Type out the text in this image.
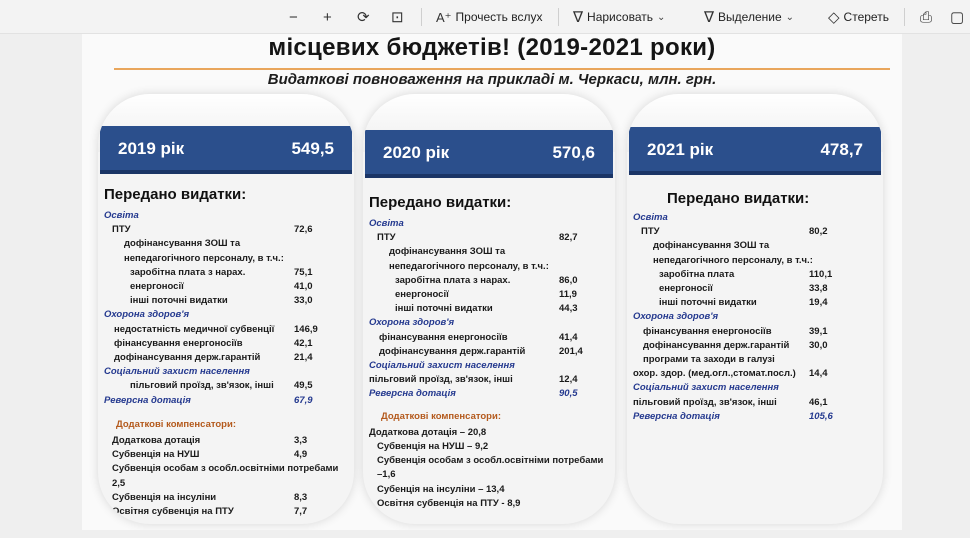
− + ⟳ ⊡ A⁺ Прочесть вслух ∇ Нарисовать ⌄	∇ Выделение ⌄ ◇ Стереть ⎙ ▢
місцевих бюджетів! (2019-2021 роки)
Видаткові повноваження на прикладі м. Черкаси, млн. грн.
2019 рік	549,5
Передано видатки:
Освіта
ПТУ	72,6
дофінансування ЗОШ та
непедагогічного персоналу, в т.ч.:
заробітна плата з нарах.	75,1
енергоносії	41,0
інші поточні видатки	33,0
Охорона здоров'я
недостатність медичної субвенції 146,9
фінансування енергоносіїв	42,1
дофінансування держ.гарантій	21,4
Соціальний захист населення
пільговий проїзд, зв'язок, інші 49,5
Реверсна дотація	67,9
Додаткові компенсатори:
Додаткова дотація	3,3
Субвенція на НУШ	4,9
Субвенція особам з особл.освітніми потребами
2,5
Субвенція на інсуліни	8,3
Освітня субвенція на ПТУ	7,7
2020 рік	570,6
Передано видатки:
Освіта
ПТУ	82,7
дофінансування ЗОШ та
непедагогічного персоналу, в т.ч.:
заробітна плата з нарах.	86,0
енергоносії	11,9
інші поточні видатки	44,3
Охорона здоров'я
фінансування енергоносіїв	41,4
дофінансування держ.гарантій	201,4
Соціальний захист населення
пільговий проїзд, зв'язок, інші	12,4
Реверсна дотація	90,5
Додаткові компенсатори:
Додаткова дотація – 20,8
Субвенція на НУШ – 9,2
Субвенція особам з особл.освітніми потребами
–1,6
Субенція на інсуліни – 13,4
Освітня субвенція на ПТУ - 8,9
2021 рік	478,7
Передано видатки:
Освіта
ПТУ	80,2
дофінансування ЗОШ та
непедагогічного персоналу, в т.ч.:
заробітна плата	110,1
енергоносії	33,8
інші поточні видатки	19,4
Охорона здоров'я
фінансування енергоносіїв	39,1
дофінансування держ.гарантій 30,0
програми та заходи в галузі
охор. здор. (мед.огл.,стомат.посл.) 14,4
Соціальний захист населення
пільговий проїзд, зв'язок, інші	46,1
Реверсна дотація	105,6
